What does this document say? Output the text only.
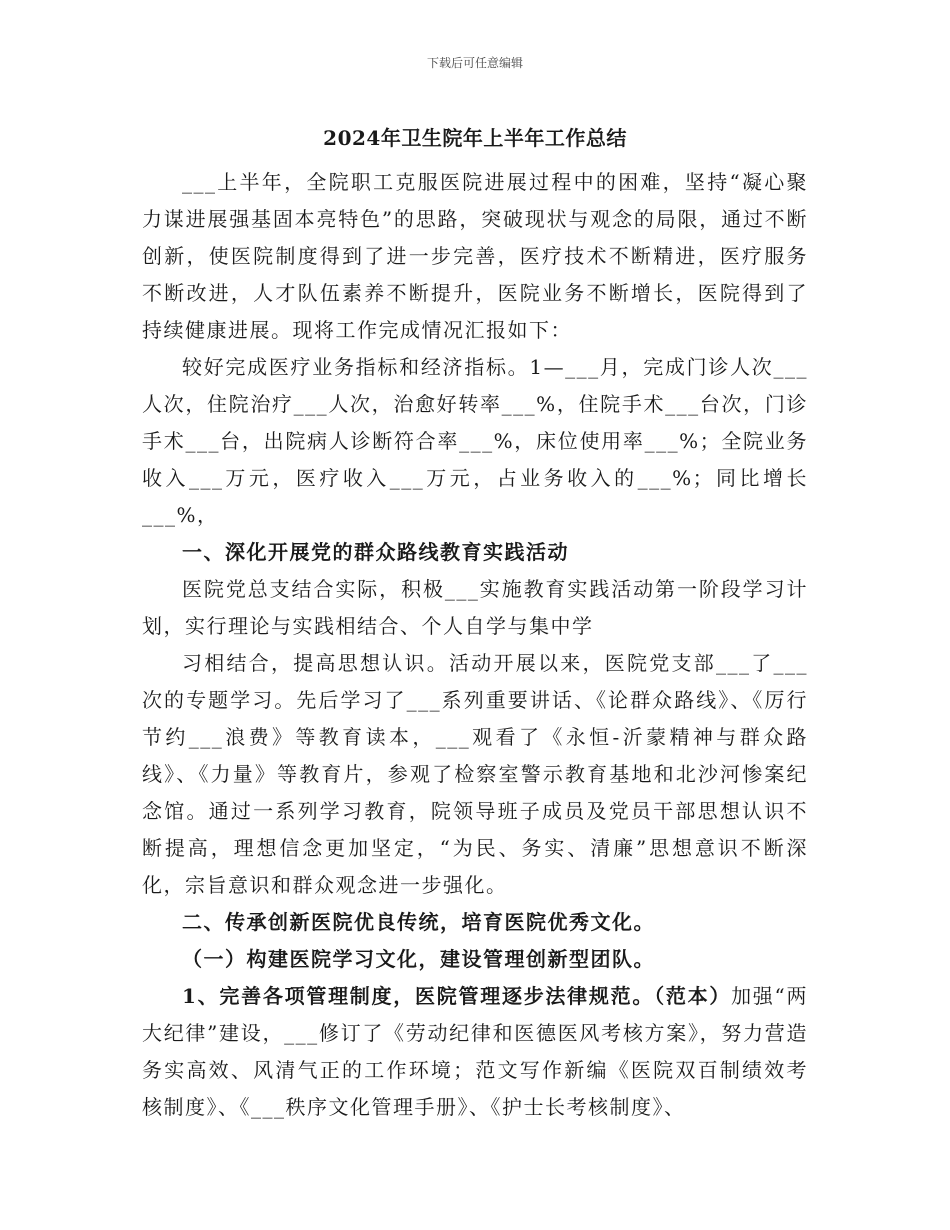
下载后可任意编辑
2024年卫生院年上半年工作总结

___上半年，全院职工克服医院进展过程中的困难，坚持“凝心聚力谋进展强基固本亮特色”的思路，突破现状与观念的局限，通过不断创新，使医院制度得到了进一步完善，医疗技术不断精进，医疗服务不断改进，人才队伍素养不断提升，医院业务不断增长，医院得到了持续健康进展。现将工作完成情况汇报如下：

较好完成医疗业务指标和经济指标。1—___月，完成门诊人次___人次，住院治疗___人次，治愈好转率___%，住院手术___台次，门诊手术___台，出院病人诊断符合率___%，床位使用率___%；全院业务收入___万元，医疗收入___万元，占业务收入的___%；同比增长___%，

一、深化开展党的群众路线教育实践活动

医院党总支结合实际，积极___实施教育实践活动第一阶段学习计划，实行理论与实践相结合、个人自学与集中学

习相结合，提高思想认识。活动开展以来，医院党支部___了___次的专题学习。先后学习了___系列重要讲话、《论群众路线》、《厉行节约___浪费》等教育读本，___观看了《永恒-沂蒙精神与群众路线》、《力量》等教育片，参观了检察室警示教育基地和北沙河惨案纪念馆。通过一系列学习教育，院领导班子成员及党员干部思想认识不断提高，理想信念更加坚定，“为民、务实、清廉”思想意识不断深化，宗旨意识和群众观念进一步强化。

二、传承创新医院优良传统，培育医院优秀文化。

（一）构建医院学习文化，建设管理创新型团队。

1、完善各项管理制度，医院管理逐步法律规范。（范本）加强“两大纪律”建设，___修订了《劳动纪律和医德医风考核方案》，努力营造务实高效、风清气正的工作环境；范文写作新编《医院双百制绩效考核制度》、《___秩序文化管理手册》、《护士长考核制度》、
